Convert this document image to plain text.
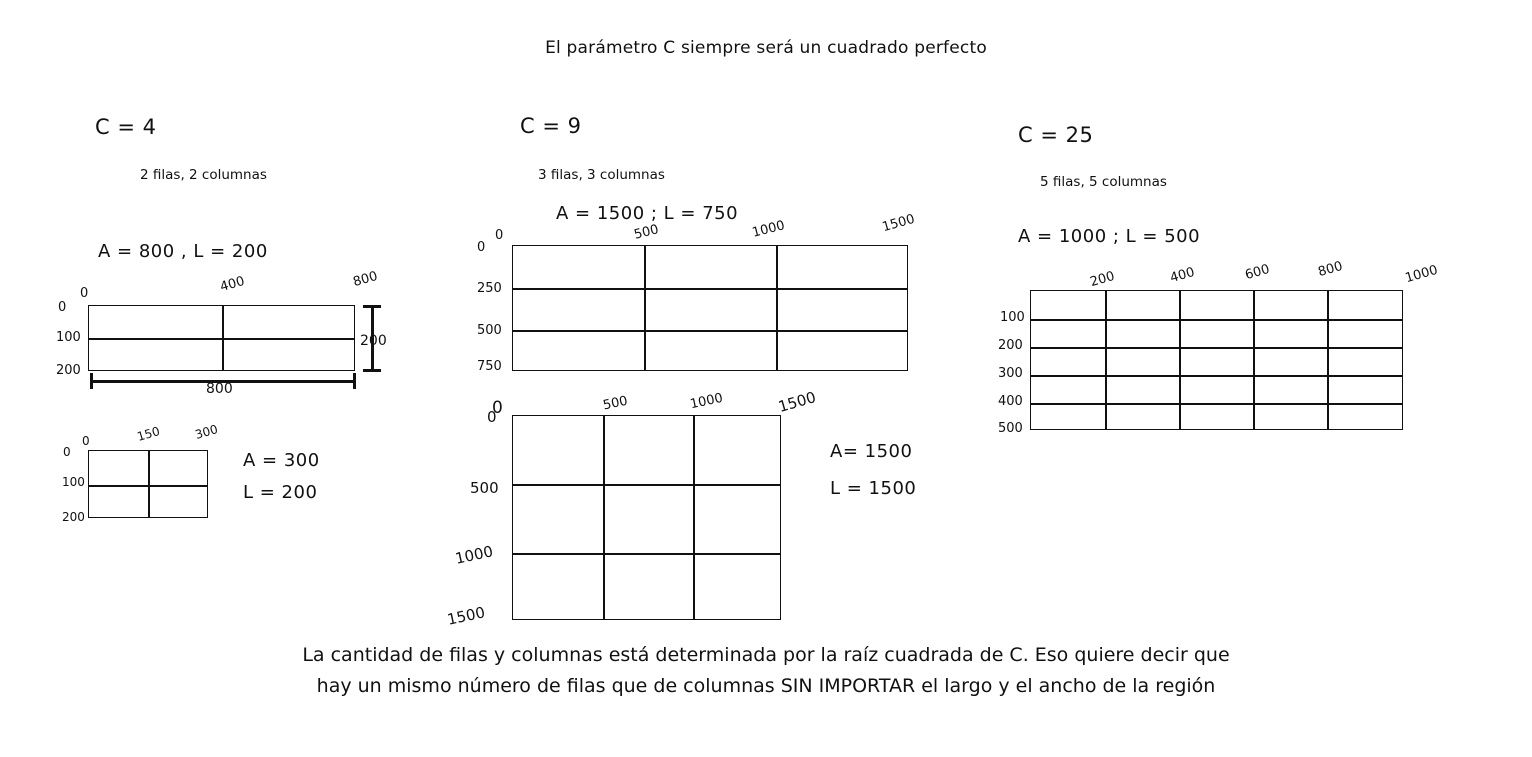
El parámetro C siempre será un cuadrado perfecto
C = 4
2 filas, 2 columnas
A = 800 , L = 200
0	400	800
0
100
200
800
200
0	150	300
0
100
200
A = 300
L = 200
C = 9
3 filas, 3 columnas
A = 1500 ; L = 750
0	500	1000	1500
0
250
500
750
0	500	1000	1500
0
500
1000
1500
A= 1500
L = 1500
C = 25
5 filas, 5 columnas
A = 1000 ; L = 500
200	400	600	800	1000
100
200
300
400
500
La cantidad de filas y columnas está determinada por la raíz cuadrada de C. Eso quiere decir que
hay un mismo número de filas que de columnas SIN IMPORTAR el largo y el ancho de la región
